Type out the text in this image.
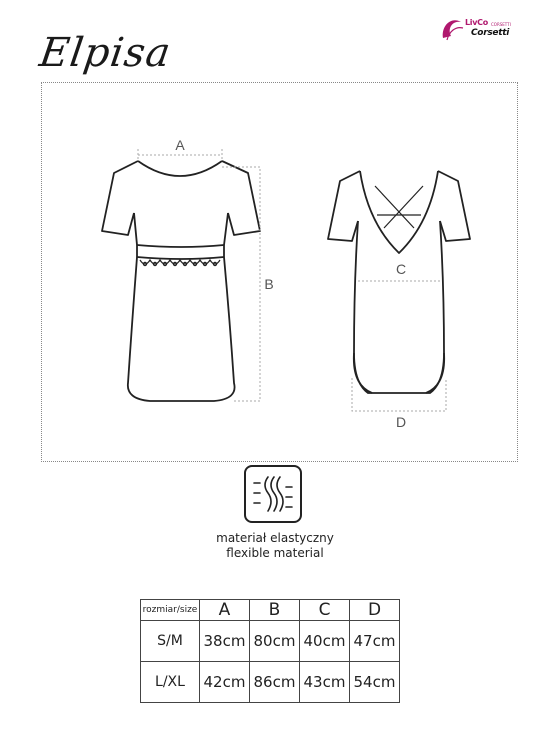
LivCo CORSETTI
Corsetti
Elpisa
A
B
C
D
materiał elastyczny
flexible material
rozmiar/size	A	B	C	D
S/M	38cm	80cm	40cm	47cm
L/XL	42cm	86cm	43cm	54cm
